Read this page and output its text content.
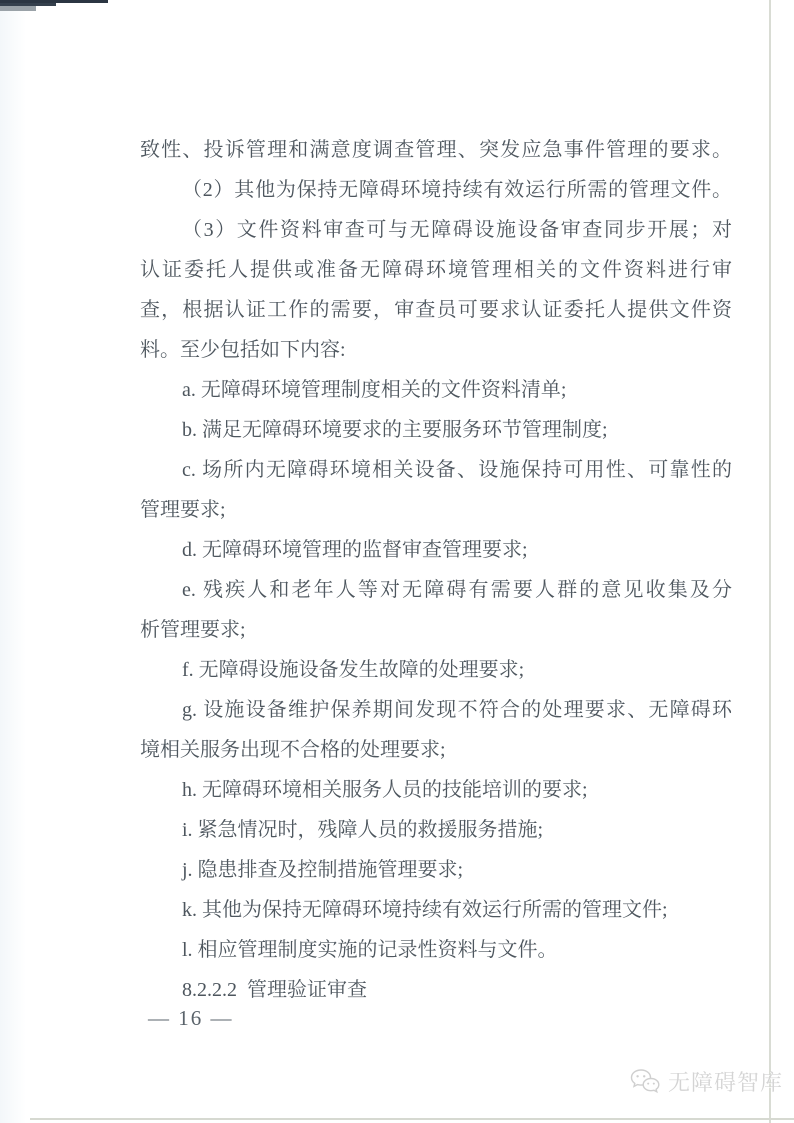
致性、投诉管理和满意度调查管理、突发应急事件管理的要求。
（2）其他为保持无障碍环境持续有效运行所需的管理文件。
（3）文件资料审查可与无障碍设施设备审查同步开展；对
认证委托人提供或准备无障碍环境管理相关的文件资料进行审
查，根据认证工作的需要，审查员可要求认证委托人提供文件资
料。至少包括如下内容:
a. 无障碍环境管理制度相关的文件资料清单;
b. 满足无障碍环境要求的主要服务环节管理制度;
c. 场所内无障碍环境相关设备、设施保持可用性、可靠性的
管理要求;
d. 无障碍环境管理的监督审查管理要求;
e. 残疾人和老年人等对无障碍有需要人群的意见收集及分
析管理要求;
f. 无障碍设施设备发生故障的处理要求;
g. 设施设备维护保养期间发现不符合的处理要求、无障碍环
境相关服务出现不合格的处理要求;
h. 无障碍环境相关服务人员的技能培训的要求;
i. 紧急情况时，残障人员的救援服务措施;
j. 隐患排查及控制措施管理要求;
k. 其他为保持无障碍环境持续有效运行所需的管理文件;
l. 相应管理制度实施的记录性资料与文件。
8.2.2.2  管理验证审查
— 16 —
无障碍智库
